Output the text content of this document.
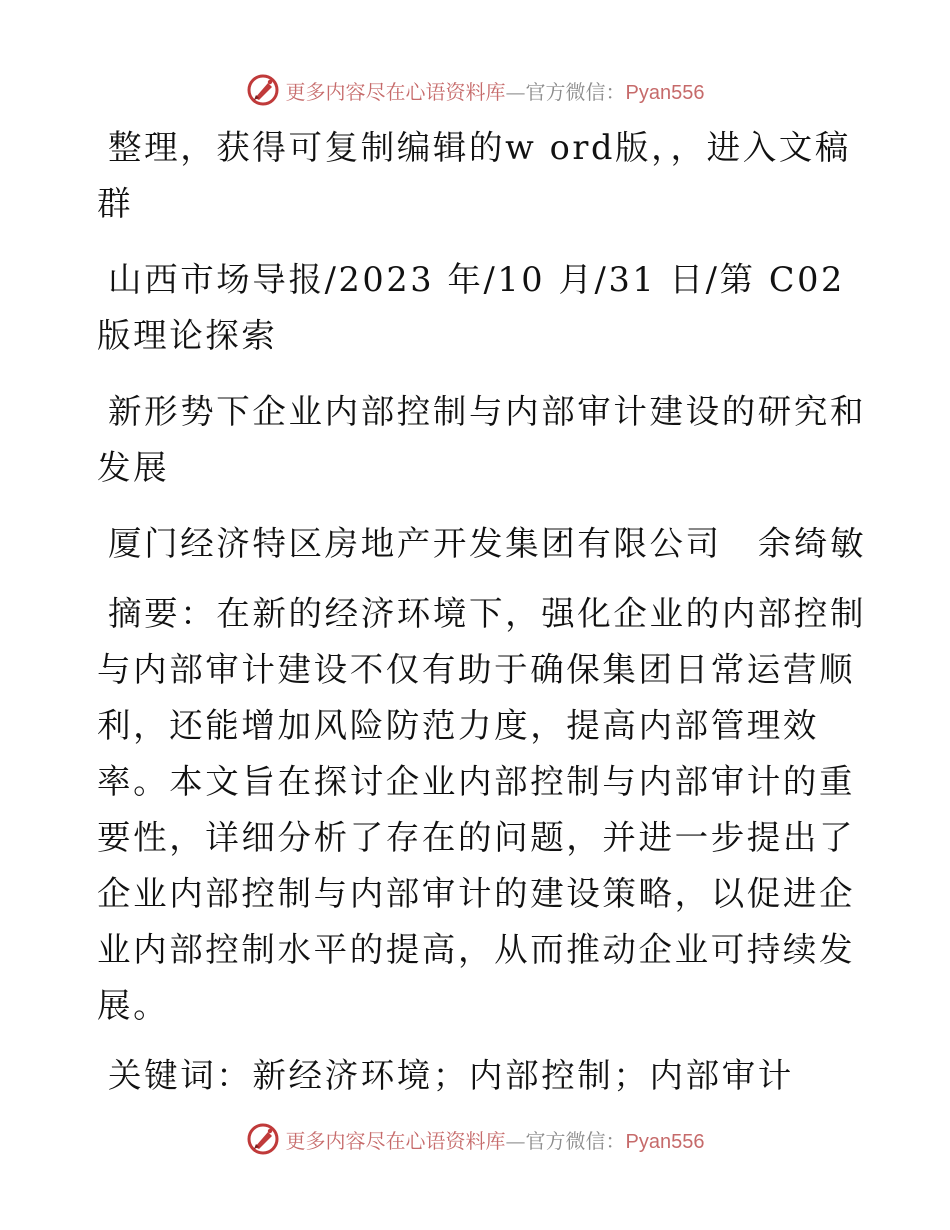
更多内容尽在心语资料库—官方微信：Pyan556

整理，获得可复制编辑的w ord版，，进入文稿群

山西市场导报/2023 年/10 月/31 日/第 C02 版理论探索

新形势下企业内部控制与内部审计建设的研究和发展

厦门经济特区房地产开发集团有限公司　余绮敏

摘要：在新的经济环境下，强化企业的内部控制与内部审计建设不仅有助于确保集团日常运营顺利，还能增加风险防范力度，提高内部管理效率。本文旨在探讨企业内部控制与内部审计的重要性，详细分析了存在的问题，并进一步提出了企业内部控制与内部审计的建设策略，以促进企业内部控制水平的提高，从而推动企业可持续发展。

关键词：新经济环境；内部控制；内部审计

更多内容尽在心语资料库—官方微信：Pyan556
